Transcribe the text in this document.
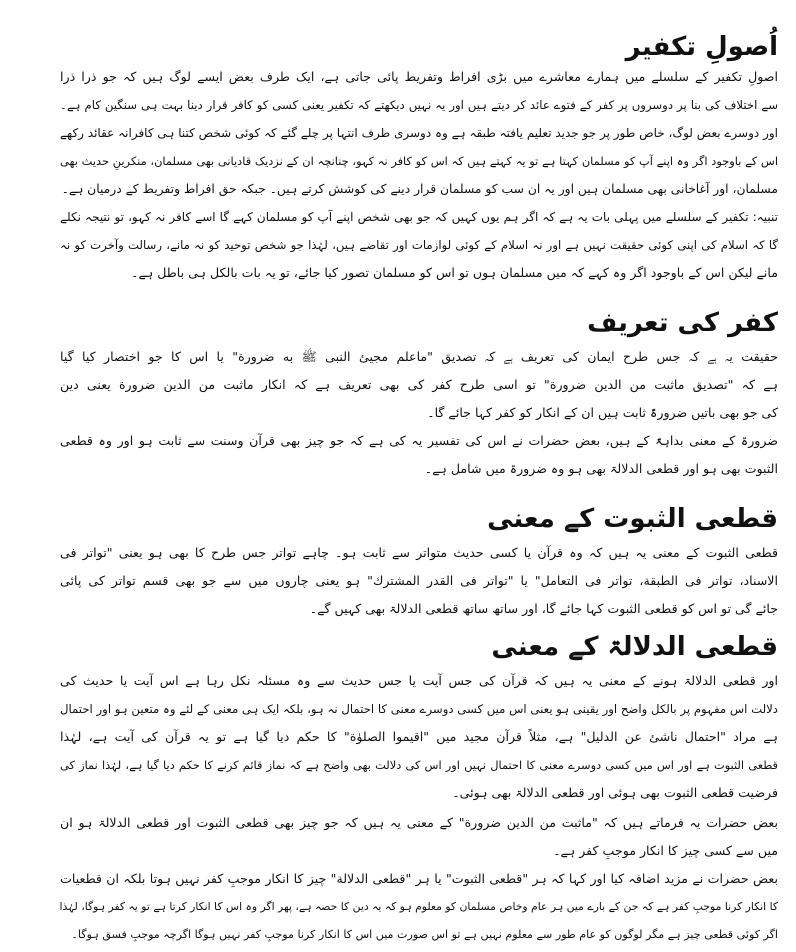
اُصولِ تکفیر
اصولِ تکفیر کے سلسلے میں ہمارے معاشرے میں بڑی افراط وتفریط پائی جاتی ہے، ایک طرف بعض ایسے لوگ ہیں کہ جو ذرا ذرا
سے اختلاف کی بنا پر دوسروں پر کفر کے فتوے عائد کر دیتے ہیں اور یہ نہیں دیکھتے کہ تکفیر یعنی کسی کو کافر قرار دینا بہت ہی سنگین کام ہے۔
اور دوسرے بعض لوگ، خاص طور پر جو جدید تعلیم یافتہ طبقہ ہے وہ دوسری طرف انتہا پر چلے گئے کہ کوئی شخص کتنا ہی کافرانہ عقائد رکھے
اس کے باوجود اگر وہ اپنے آپ کو مسلمان کہتا ہے تو یہ کہتے ہیں کہ اس کو کافر نہ کہو، چنانچہ ان کے نزدیک قادیانی بھی مسلمان، منکرینِ حدیث بھی
مسلمان، اور آغاخانی بھی مسلمان ہیں اور یہ ان سب کو مسلمان قرار دینے کی کوشش کرتے ہیں۔ جبکہ حق افراط وتفریط کے درمیان ہے۔
تنبیہ: تکفیر کے سلسلے میں پہلی بات یہ ہے کہ اگر ہم یوں کہیں کہ جو بھی شخص اپنے آپ کو مسلمان کہے گا اسے کافر نہ کہو، تو نتیجہ نکلے
گا کہ اسلام کی اپنی کوئی حقیقت نہیں ہے اور نہ اسلام کے کوئی لوازمات اور تقاضے ہیں، لہٰذا جو شخص توحید کو نہ مانے، رسالت وآخرت کو نہ
مانے لیکن اس کے باوجود اگر وہ کہے کہ میں مسلمان ہوں تو اس کو مسلمان تصور کیا جائے، تو یہ بات بالکل ہی باطل ہے۔
کفر کی تعریف
حقیقت یہ ہے کہ جس طرح ایمان کی تعریف ہے کہ تصدیق "ماعلم مجيئ النبى ﷺ به ضرورة" یا اس کا جو اختصار کیا گیا
ہے کہ "تصديق ماثبت من الدين ضرورة" تو اسی طرح کفر کی بھی تعریف ہے کہ انكار ماثبت من الدين ضرورة یعنی دین
کی جو بھی باتیں ضرورۃً ثابت ہیں ان کے انکار کو کفر کہا جائے گا۔
ضرورۃ کے معنی بداہۃً کے ہیں، بعض حضرات نے اس کی تفسیر یہ کی ہے کہ جو چیز بھی قرآن وسنت سے ثابت ہو اور وہ قطعی
الثبوت بھی ہو اور قطعی الدلالۃ بھی ہو وہ ضرورۃ میں شامل ہے۔
قطعی الثبوت کے معنی
قطعی الثبوت کے معنی یہ ہیں کہ وہ قرآن یا کسی حدیث متواتر سے ثابت ہو۔ چاہے تواتر جس طرح کا بھی ہو یعنی "تواتر فى
الاسناد، تواتر فى الطبقة، تواتر فى التعامل" یا "تواتر فى القدر المشترك" ہو یعنی چاروں میں سے جو بھی قسم تواتر کی پائی
جائے گی تو اس کو قطعی الثبوت کہا جائے گا، اور ساتھ ساتھ قطعی الدلالۃ بھی کہیں گے۔
قطعی الدلالۃ کے معنی
اور قطعی الدلالۃ ہونے کے معنی یہ ہیں کہ قرآن کی جس آیت یا جس حدیث سے وہ مسئلہ نکل رہا ہے اس آیت یا حدیث کی
دلالت اس مفہوم پر بالکل واضح اور یقینی ہو یعنی اس میں کسی دوسرے معنی کا احتمال نہ ہو، بلکہ ایک ہی معنی کے لئے وہ متعین ہو اور احتمال
ہے مراد "احتمال ناشئ عن الدليل" ہے، مثلاً قرآن مجید میں "اقيموا الصلوٰة" کا حکم دیا گیا ہے تو یہ قرآن کی آیت ہے، لہٰذا
قطعی الثبوت ہے اور اس میں کسی دوسرے معنی کا احتمال نہیں اور اس کی دلالت بھی واضح ہے کہ نماز قائم کرنے کا حکم دیا گیا ہے، لہٰذا نماز کی
فرضیت قطعی الثبوت بھی ہوئی اور قطعی الدلالۃ بھی ہوئی۔
بعض حضرات یہ فرماتے ہیں کہ "ماثبت من الدين ضرورة" کے معنی یہ ہیں کہ جو چیز بھی قطعی الثبوت اور قطعی الدلالۃ ہو ان
میں سے کسی چیز کا انکار موجبِ کفر ہے۔
بعض حضرات نے مزید اضافہ کیا اور کہا کہ ہر "قطعى الثبوت" یا ہر "قطعى الدلالة" چیز کا انکار موجبِ کفر نہیں ہوتا بلکہ ان قطعیات
کا انکار کرنا موجبِ کفر ہے کہ جن کے بارے میں ہر عام وخاص مسلمان کو معلوم ہو کہ یہ دین کا حصہ ہے، پھر اگر وہ اس کا انکار کرتا ہے تو یہ کفر ہوگا، لہٰذا
اگر کوئی قطعی چیز ہے مگر لوگوں کو عام طور سے معلوم نہیں ہے تو اس صورت میں اس کا انکار کرنا موجبِ کفر نہیں ہوگا اگرچہ موجبِ فسق ہوگا۔
